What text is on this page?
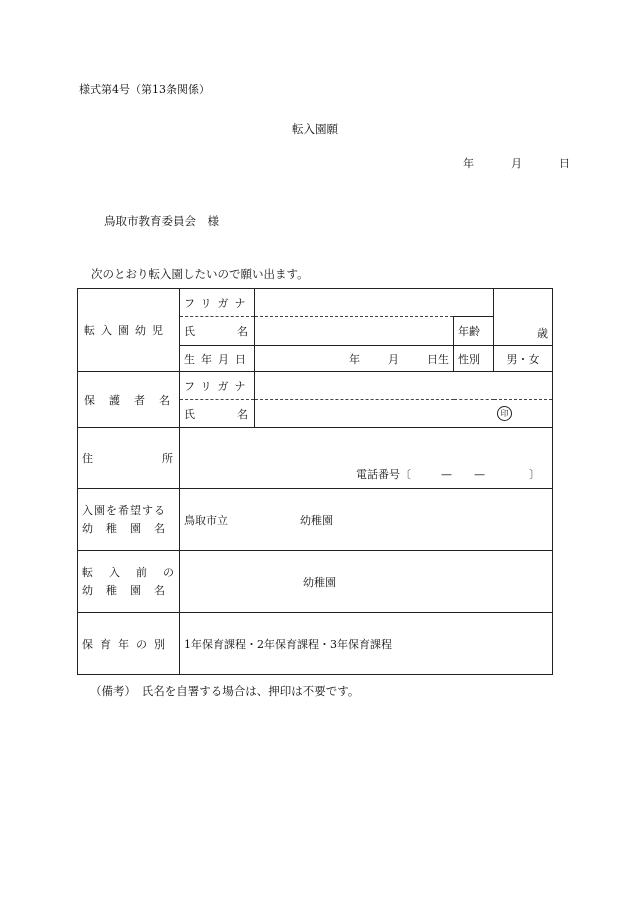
様式第4号（第13条関係）
転入園願
年	月	日
鳥取市教育委員会　様
次のとおり転入園したいので願い出ます。
転入園幼児	フリガナ			歳

	氏 名		年齢	
	生年月日	年 月 日生	性別	男・女

保護者名	フリガナ			

	氏 名	印		

住 所	電話番号〔 — — 〕			

入園を希望する
幼稚園名	鳥取市立 幼稚園			

転入前の
幼稚園名	幼稚園			
保育年の別	1年保育課程・2年保育課程・3年保育課程			
（備考）　氏名を自署する場合は、押印は不要です。
